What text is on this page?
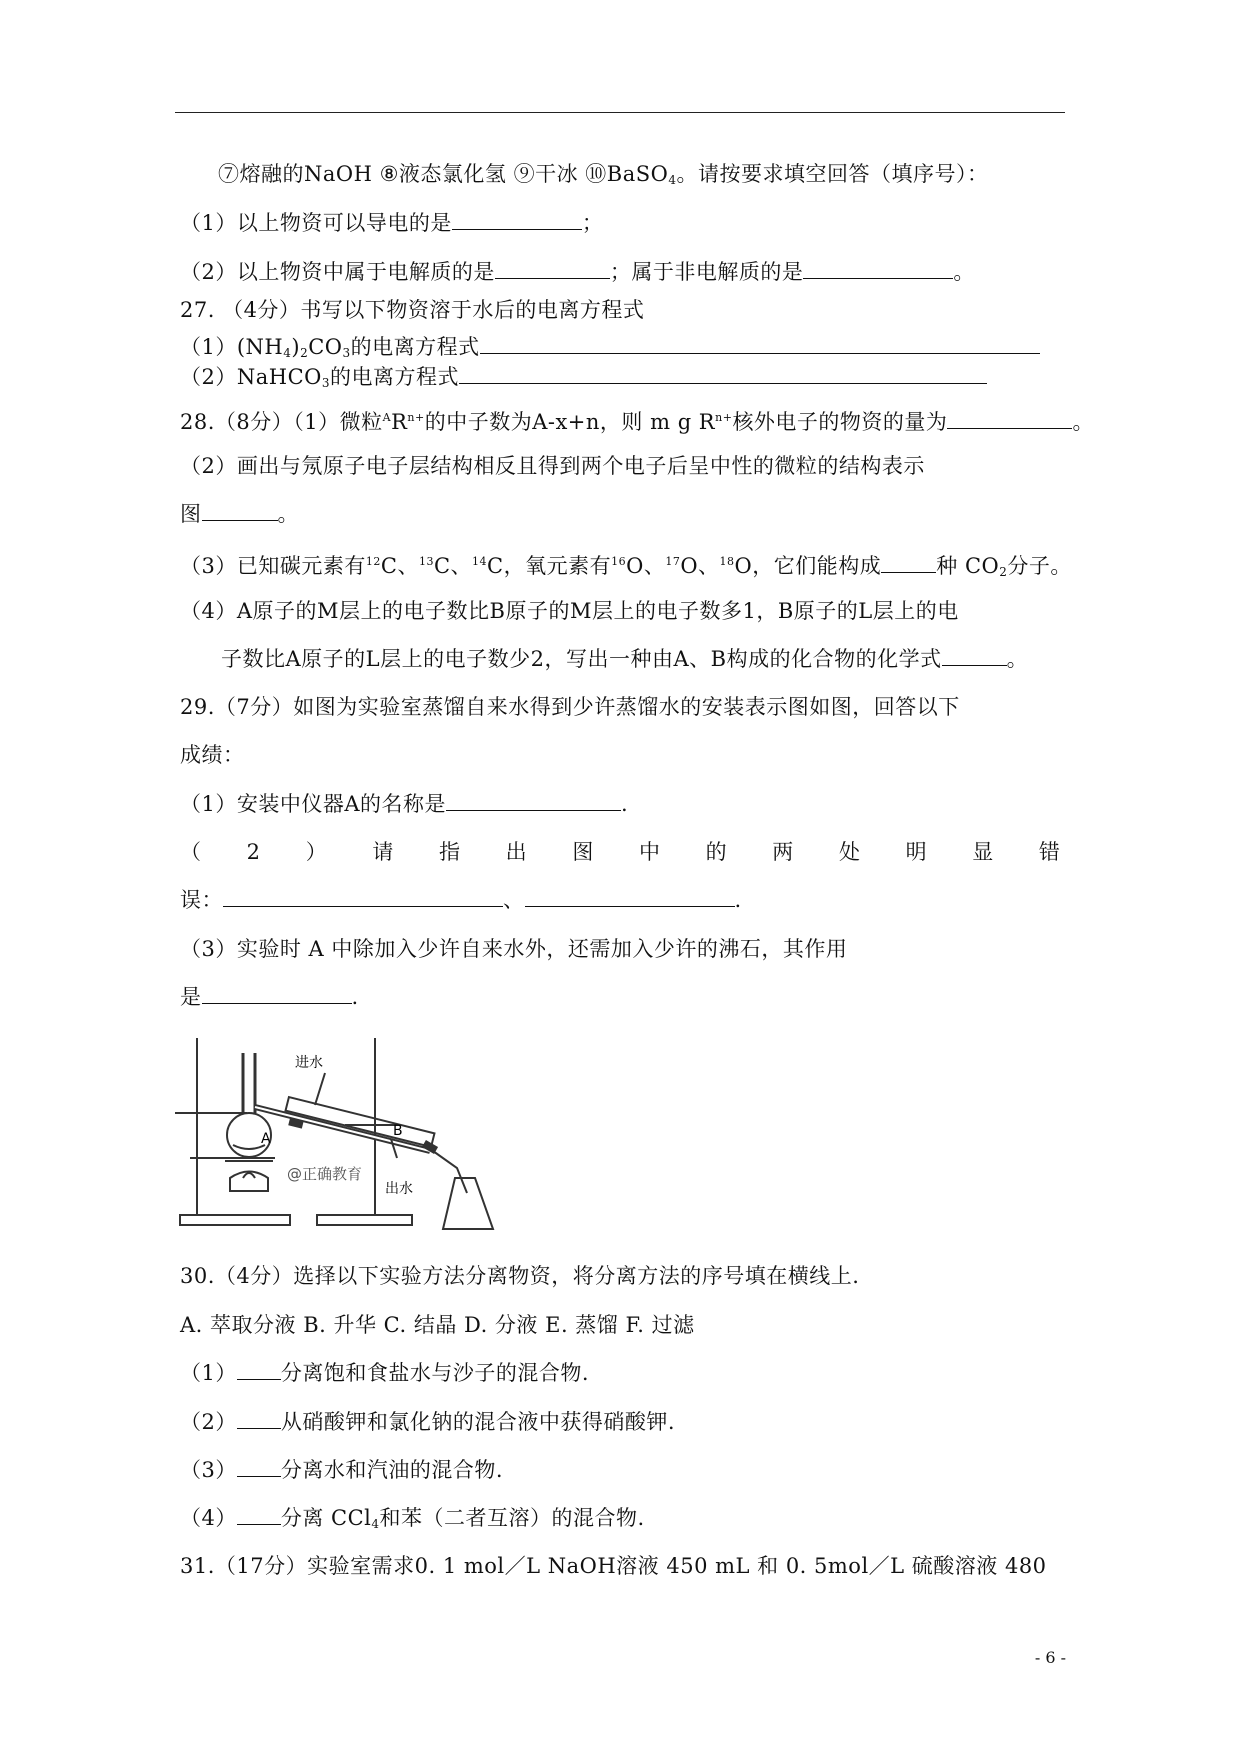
⑦熔融的NaOH ⑧液态氯化氢 ⑨干冰 ⑩BaSO$_4$。请按要求填空回答（填序号）：
（1）以上物资可以导电的是	；
（2）以上物资中属于电解质的是	；属于非电解质的是	。
27. （4分）书写以下物资溶于水后的电离方程式
$(1)(NH_4)_2CO_3$的电离方程式
（2）NaHCO$_3$的电离方程式
28.（8分）（1）微粒$^AR^{n+}$的中子数为A-x+n，则 m g $R^{n+}$核外电子的物资的量为	。
（2）画出与氖原子电子层结构相反且得到两个电子后呈中性的微粒的结构表示
图	。
（3）已知碳元素有$^{12}$C、$^{13}$C、$^{14}$C，氧元素有$^{16}$O、$^{17}$O、$^{18}$O，它们能构成	种 $CO_2$分子。
（4）A原子的M层上的电子数比B原子的M层上的电子数多1，B原子的L层上的电
子数比A原子的L层上的电子数少2，写出一种由A、B构成的化合物的化学式	。
29.（7分）如图为实验室蒸馏自来水得到少许蒸馏水的安装表示图如图，回答以下
成绩：
（1）安装中仪器A的名称是	.
（ 2 ） 请 指 出 图 中 的 两 处 明 显 错
误：	、	.
（3）实验时 A 中除加入少许自来水外，还需加入少许的沸石，其作用
是	.
进水
A	B
@正确教育
出水
30.（4分）选择以下实验方法分离物资，将分离方法的序号填在横线上.
A. 萃取分液 B. 升华 C. 结晶 D. 分液 E. 蒸馏 F. 过滤
（1） 分离饱和食盐水与沙子的混合物.
（2） 从硝酸钾和氯化钠的混合液中获得硝酸钾.
（3） 分离水和汽油的混合物.
（4） 分离 CCl$_4$和苯（二者互溶）的混合物.
31.（17分）实验室需求0. 1 mol／L NaOH溶液 450 mL 和 0. 5mol／L 硫酸溶液 480
- 6 -
